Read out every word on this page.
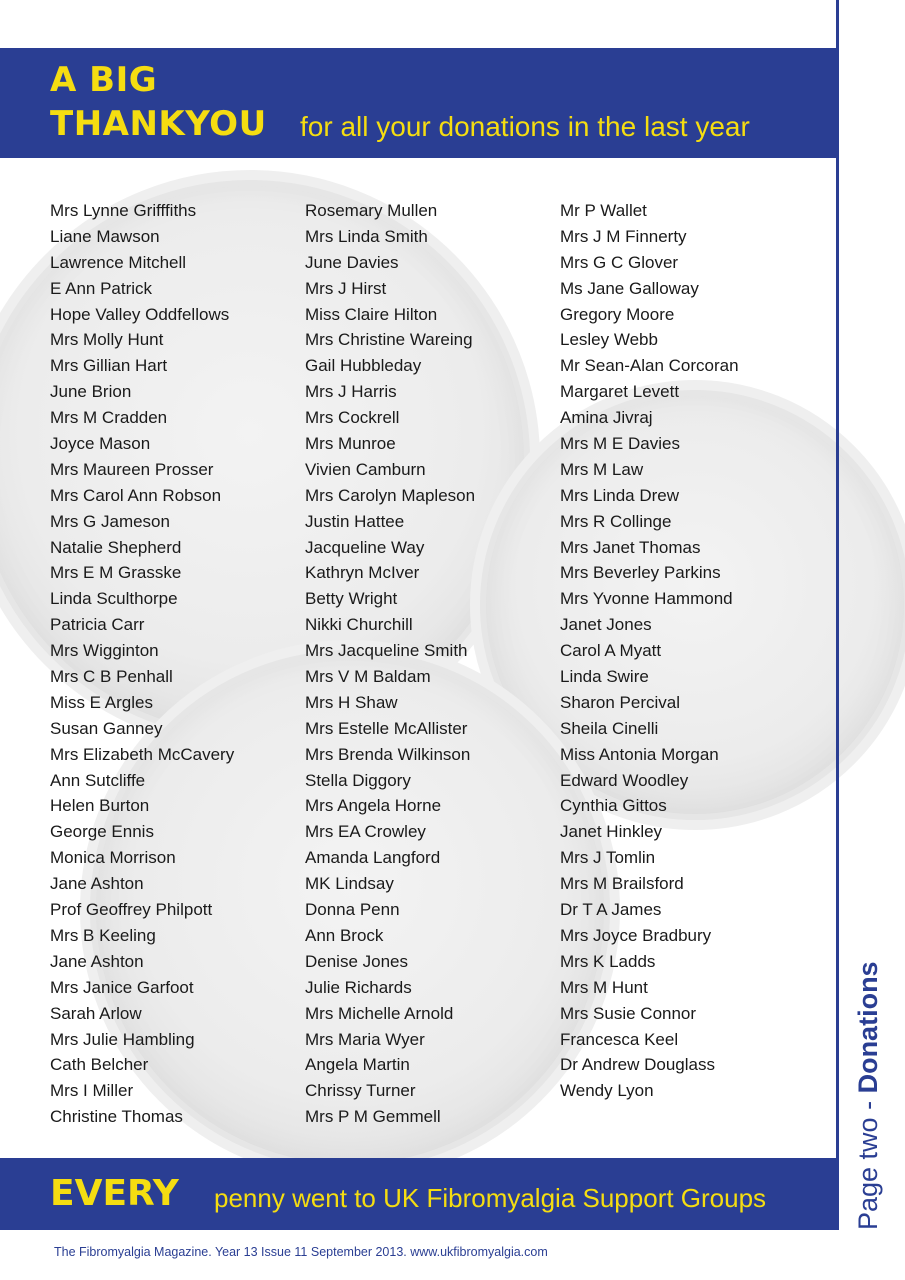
A BIG
THANKYOU for all your donations in the last year
Mrs Lynne Grifffiths
Liane Mawson
Lawrence Mitchell
E Ann Patrick
Hope Valley Oddfellows
Mrs Molly Hunt
Mrs Gillian Hart
June Brion
Mrs M Cradden
Joyce Mason
Mrs Maureen Prosser
Mrs Carol Ann Robson
Mrs G Jameson
Natalie Shepherd
Mrs E M Grasske
Linda Sculthorpe
Patricia Carr
Mrs Wigginton
Mrs C B Penhall
Miss E Argles
Susan Ganney
Mrs Elizabeth McCavery
Ann Sutcliffe
Helen Burton
George Ennis
Monica Morrison
Jane Ashton
Prof Geoffrey Philpott
Mrs B Keeling
Jane Ashton
Mrs Janice Garfoot
Sarah Arlow
Mrs Julie Hambling
Cath Belcher
Mrs I Miller
Christine Thomas
Rosemary Mullen
Mrs Linda Smith
June Davies
Mrs J Hirst
Miss Claire Hilton
Mrs Christine Wareing
Gail Hubbleday
Mrs J Harris
Mrs Cockrell
Mrs Munroe
Vivien Camburn
Mrs Carolyn Mapleson
Justin Hattee
Jacqueline Way
Kathryn McIver
Betty Wright
Nikki Churchill
Mrs Jacqueline Smith
Mrs V M Baldam
Mrs H Shaw
Mrs Estelle McAllister
Mrs Brenda Wilkinson
Stella Diggory
Mrs Angela Horne
Mrs EA Crowley
Amanda Langford
MK Lindsay
Donna Penn
Ann Brock
Denise Jones
Julie Richards
Mrs Michelle Arnold
Mrs Maria Wyer
Angela Martin
Chrissy Turner
Mrs P M Gemmell
Mr P Wallet
Mrs J M Finnerty
Mrs G C Glover
Ms Jane Galloway
Gregory Moore
Lesley Webb
Mr Sean-Alan Corcoran
Margaret Levett
Amina Jivraj
Mrs M E Davies
Mrs M Law
Mrs Linda Drew
Mrs R Collinge
Mrs Janet Thomas
Mrs Beverley Parkins
Mrs Yvonne Hammond
Janet Jones
Carol A Myatt
Linda Swire
Sharon Percival
Sheila Cinelli
Miss Antonia Morgan
Edward Woodley
Cynthia Gittos
Janet Hinkley
Mrs J Tomlin
Mrs M Brailsford
Dr T A James
Mrs Joyce Bradbury
Mrs K Ladds
Mrs M Hunt
Mrs Susie Connor
Francesca Keel
Dr Andrew Douglass
Wendy Lyon
EVERY penny went to UK Fibromyalgia Support Groups
The Fibromyalgia Magazine. Year 13 Issue 11 September 2013. www.ukfibromyalgia.com
Page two - Donations
